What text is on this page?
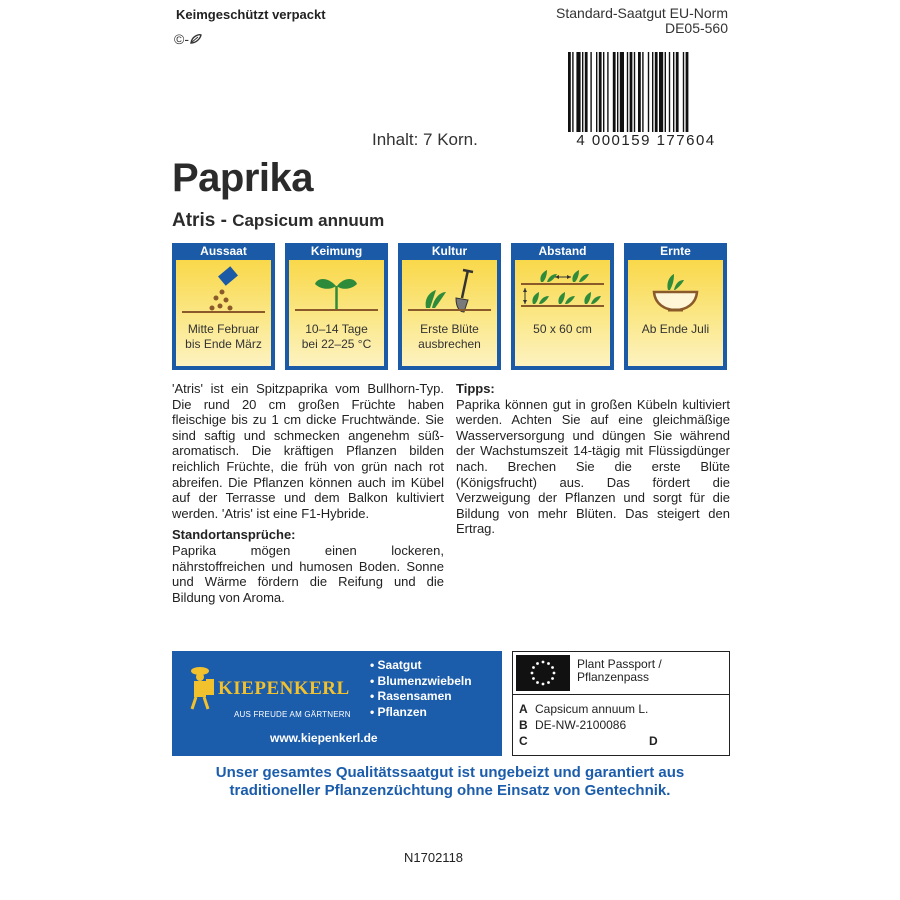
Keimgeschützt verpackt
©-
Standard-Saatgut EU-Norm
DE05-560
4 000159 177604
Inhalt: 7 Korn.
Paprika
Atris - Capsicum annuum
Aussaat
Mitte Februar
bis Ende März
Keimung
10–14 Tage
bei 22–25 °C
Kultur
Erste Blüte
ausbrechen
Abstand
50 x 60 cm
Ernte
Ab Ende Juli
'Atris' ist ein Spitzpaprika vom Bullhorn-Typ. Die rund 20 cm großen Früchte haben fleischige bis zu 1 cm dicke Fruchtwände. Sie sind saftig und schmecken angenehm süß-aromatisch. Die kräftigen Pflanzen bilden reichlich Früchte, die früh von grün nach rot abreifen. Die Pflanzen können auch im Kübel auf der Terrasse und dem Balkon kultiviert werden. 'Atris' ist eine F1-Hybride.
Standortansprüche:
Paprika mögen einen lockeren, nährstoffreichen und humosen Boden. Sonne und Wärme fördern die Reifung und die Bildung von Aroma.
Tipps:
Paprika können gut in großen Kübeln kultiviert werden. Achten Sie auf eine gleichmäßige Wasserversorgung und düngen Sie während der Wachstumszeit 14-tägig mit Flüssigdünger nach. Brechen Sie die erste Blüte (Königsfrucht) aus. Das fördert die Verzweigung der Pflanzen und sorgt für die Bildung von mehr Blüten. Das steigert den Ertrag.
KIEPENKERL
AUS FREUDE AM GÄRTNERN
• Saatgut
• Blumenzwiebeln
• Rasensamen
• Pflanzen
www.kiepenkerl.de
Plant Passport /
Pflanzenpass
A Capsicum annuum L.
B DE-NW-2100086
C	D
Unser gesamtes Qualitätssaatgut ist ungebeizt und garantiert aus
traditioneller Pflanzenzüchtung ohne Einsatz von Gentechnik.
N1702118
